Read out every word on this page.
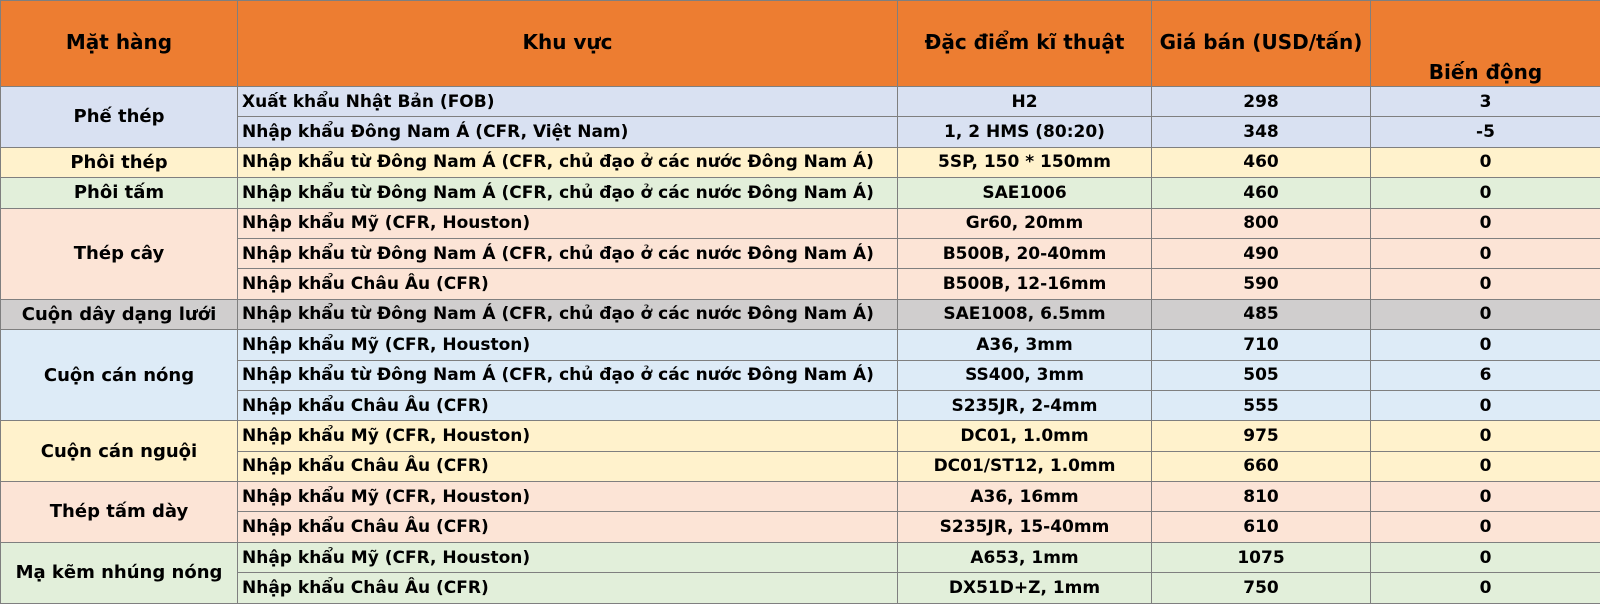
Mặt hàng	Khu vực	Đặc điểm kĩ thuật	Giá bán (USD/tấn)	Biến động
Phế thép	Xuất khẩu Nhật Bản (FOB)	H2	298	3
	Nhập khẩu Đông Nam Á (CFR, Việt Nam)	1, 2 HMS (80:20)	348	-5
Phôi thép	Nhập khẩu từ Đông Nam Á (CFR, chủ đạo ở các nước Đông Nam Á)	5SP, 150 * 150mm	460	0
Phôi tấm	Nhập khẩu từ Đông Nam Á (CFR, chủ đạo ở các nước Đông Nam Á)	SAE1006	460	0
Thép cây	Nhập khẩu Mỹ (CFR, Houston)	Gr60, 20mm	800	0
	Nhập khẩu từ Đông Nam Á (CFR, chủ đạo ở các nước Đông Nam Á)	B500B, 20-40mm	490	0
	Nhập khẩu Châu Âu (CFR)	B500B, 12-16mm	590	0
Cuộn dây dạng lưới	Nhập khẩu từ Đông Nam Á (CFR, chủ đạo ở các nước Đông Nam Á)	SAE1008, 6.5mm	485	0
Cuộn cán nóng	Nhập khẩu Mỹ (CFR, Houston)	A36, 3mm	710	0
	Nhập khẩu từ Đông Nam Á (CFR, chủ đạo ở các nước Đông Nam Á)	SS400, 3mm	505	6
	Nhập khẩu Châu Âu (CFR)	S235JR, 2-4mm	555	0
Cuộn cán nguội	Nhập khẩu Mỹ (CFR, Houston)	DC01, 1.0mm	975	0
	Nhập khẩu Châu Âu (CFR)	DC01/ST12, 1.0mm	660	0
Thép tấm dày	Nhập khẩu Mỹ (CFR, Houston)	A36, 16mm	810	0
	Nhập khẩu Châu Âu (CFR)	S235JR, 15-40mm	610	0
Mạ kẽm nhúng nóng	Nhập khẩu Mỹ (CFR, Houston)	A653, 1mm	1075	0
	Nhập khẩu Châu Âu (CFR)	DX51D+Z, 1mm	750	0
